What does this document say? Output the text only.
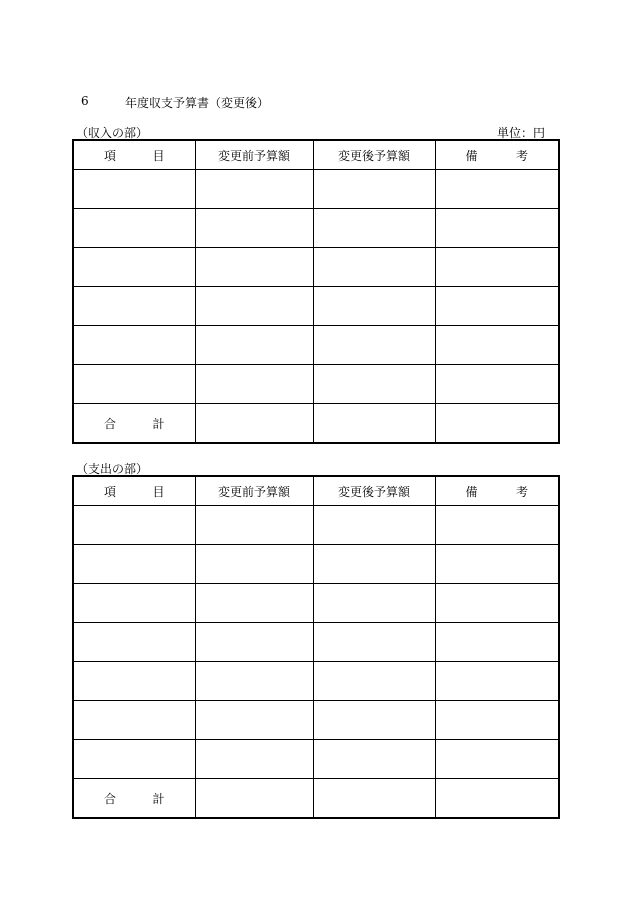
6	年度収支予算書（変更後）
（収入の部）	単位：円
項 目	変更前予算額	変更後予算額	備 考

合 計			

（支出の部）
項 目	変更前予算額	変更後予算額	備 考

合 計			
